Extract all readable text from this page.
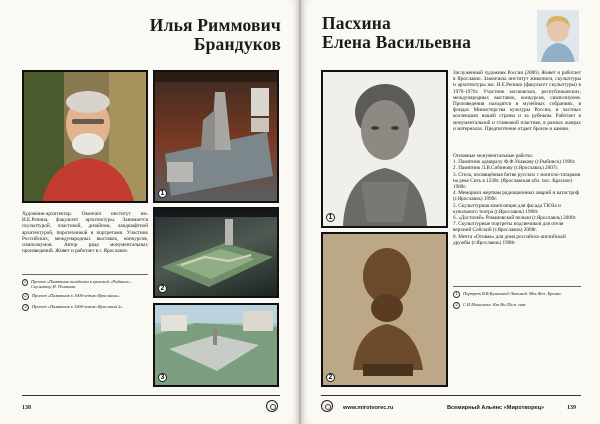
Илья Риммович
Брандуков
1
Художник-архитектор. Окончил институт им. И.Е.Репина, факультет архитектуры. Занимается скульптурой, пластикой, дизайном, ландшафтной архитектурой, пиротехникой и портретами. Участник Российских, международных выставок, конкурсов, симпозиумов. Автор ряда монументальных произведений. Живет и работает в г. Ярославле.
1	Проект «Памятник погибшим в грозовой «Рыбинск». Скульптор И. Полякова.
2	Проект «Памятник к 1000-летию Ярославля».
3	Проект «Памятник к 1000-летию Ярославля 2».
2
3
138
Пасхина
Елена Васильевна
2
1
Заслуженный художник России (2006). Живет и работает в Ярославле. Закончила институт живописи, скульптуры и архитектуры им. И.Е.Репина (факультет скульптуры) в 1970-1976г. Участник московских, республиканских, международных выставок, конкурсов, симпозиумов. Произведения находятся в музейных собраниях, в фондах Министерства культуры России, в частных коллекциях нашей страны и за рубежом. Работает в монументальной и станковой пластике, в разных жанрах и материалах. Предпочтение отдает бронзе и камню.
Основные монументальные работы:
1. Памятник адмиралу Ф.Ф.Ушакову (г.Рыбинск) 1996г.
2. Памятник Л.В.Собинову (г.Ярославль) 2007г.
3. Стела, посвящённая битве русских с монголо-татарами на реке Сить в 1238г. (Ярославская обл. пос. Красное) 1989г.
4. Мемориал жертвам радиационных аварий и катастроф (г.Ярославль) 1999г.
5. Скульптурная композиция для фасада ТЮЗа и кукольного театра (г.Ярославль) 1980г.
6. «Досточей» Романовской пельни (г.Ярославль) 2000г.
7. Скульптурные портреты подсвечиков для отеля верхний Собский (г.Ярославль) 2008г.
8. Мечта «Отовая» для дома российско-английской дружбы (г.Ярославль) 1998г.
1	Портрет В.В.Куликовой-Латовой. Мех.Жел. Бронза.
2	С.И.Монашеко. Кт.Ни.55см. гипс
www.mirotvorec.ru	Всемирный Альянс «Миротворец»	139
